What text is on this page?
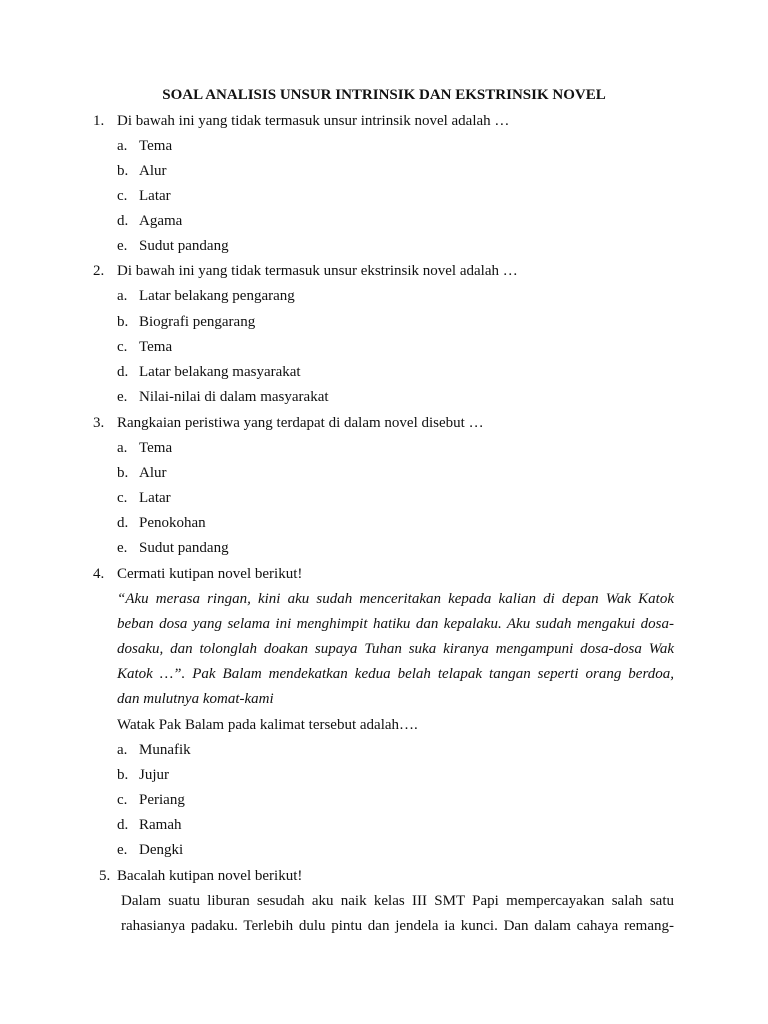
SOAL ANALISIS UNSUR INTRINSIK DAN EKSTRINSIK NOVEL
1. Di bawah ini yang tidak termasuk unsur intrinsik novel adalah …
a. Tema
b. Alur
c. Latar
d. Agama
e. Sudut pandang
2. Di bawah ini yang tidak termasuk unsur ekstrinsik novel adalah …
a. Latar belakang pengarang
b. Biografi pengarang
c. Tema
d. Latar belakang masyarakat
e. Nilai-nilai di dalam masyarakat
3. Rangkaian peristiwa yang terdapat di dalam novel disebut …
a. Tema
b. Alur
c. Latar
d. Penokohan
e. Sudut pandang
4. Cermati kutipan novel berikut!
“Aku merasa ringan, kini aku sudah menceritakan kepada kalian di depan Wak Katok
beban dosa yang selama ini menghimpit hatiku dan kepalaku. Aku sudah mengakui dosa-
dosaku, dan tolonglah doakan supaya Tuhan suka kiranya mengampuni dosa-dosa Wak
Katok …”. Pak Balam mendekatkan kedua belah telapak tangan seperti orang berdoa,
dan mulutnya komat-kami
Watak Pak Balam pada kalimat tersebut adalah….
a. Munafik
b. Jujur
c. Periang
d. Ramah
e. Dengki
5. Bacalah kutipan novel berikut!
Dalam suatu liburan sesudah aku naik kelas III SMT Papi mempercayakan salah satu
rahasianya padaku. Terlebih dulu pintu dan jendela ia kunci. Dan dalam cahaya remang-
